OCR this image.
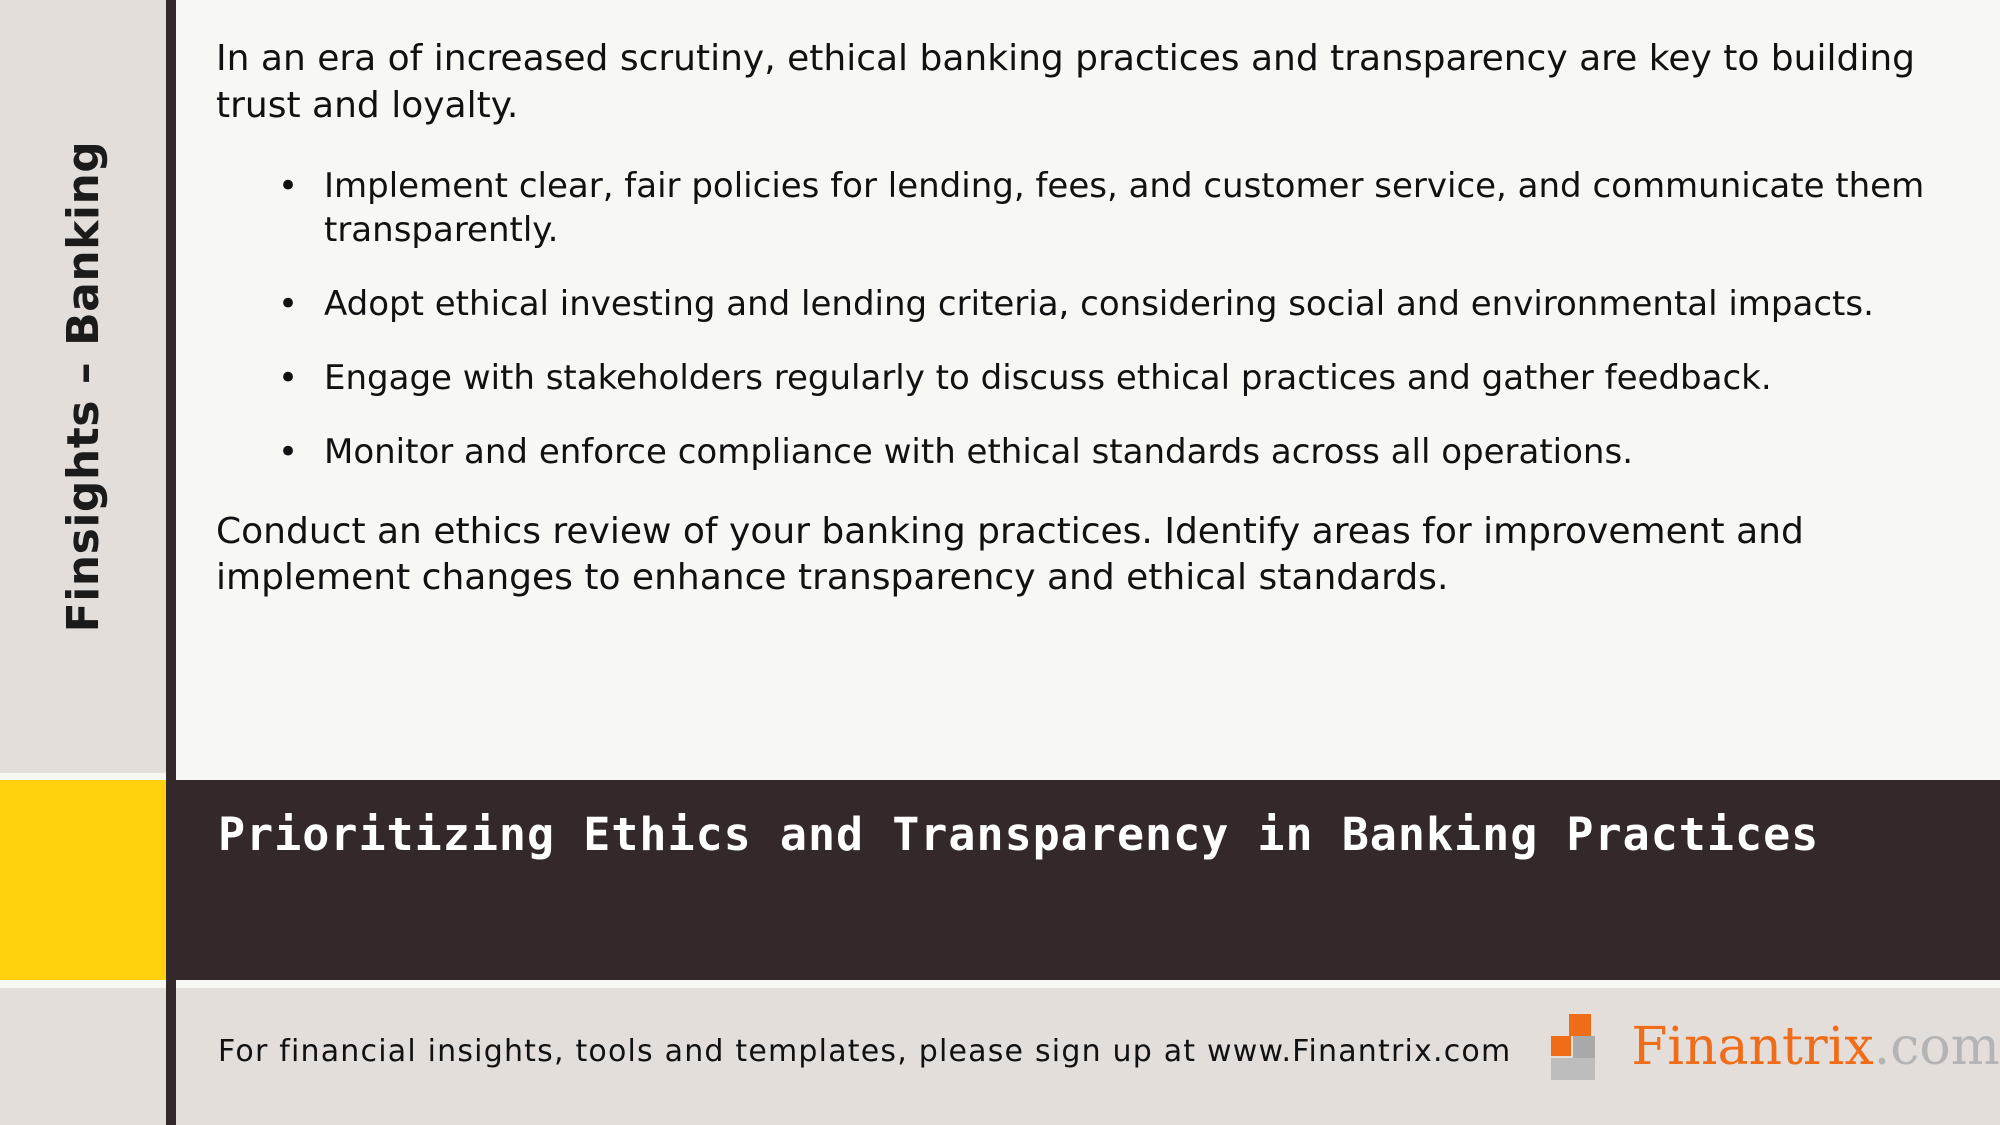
Finsights – Banking

In an era of increased scrutiny, ethical banking practices and transparency are key to building trust and loyalty.

• Implement clear, fair policies for lending, fees, and customer service, and communicate them transparently.
• Adopt ethical investing and lending criteria, considering social and environmental impacts.
• Engage with stakeholders regularly to discuss ethical practices and gather feedback.
• Monitor and enforce compliance with ethical standards across all operations.

Conduct an ethics review of your banking practices. Identify areas for improvement and implement changes to enhance transparency and ethical standards.

Prioritizing Ethics and Transparency in Banking Practices
For financial insights, tools and templates, please sign up at www.Finantrix.com Finantrix .com
